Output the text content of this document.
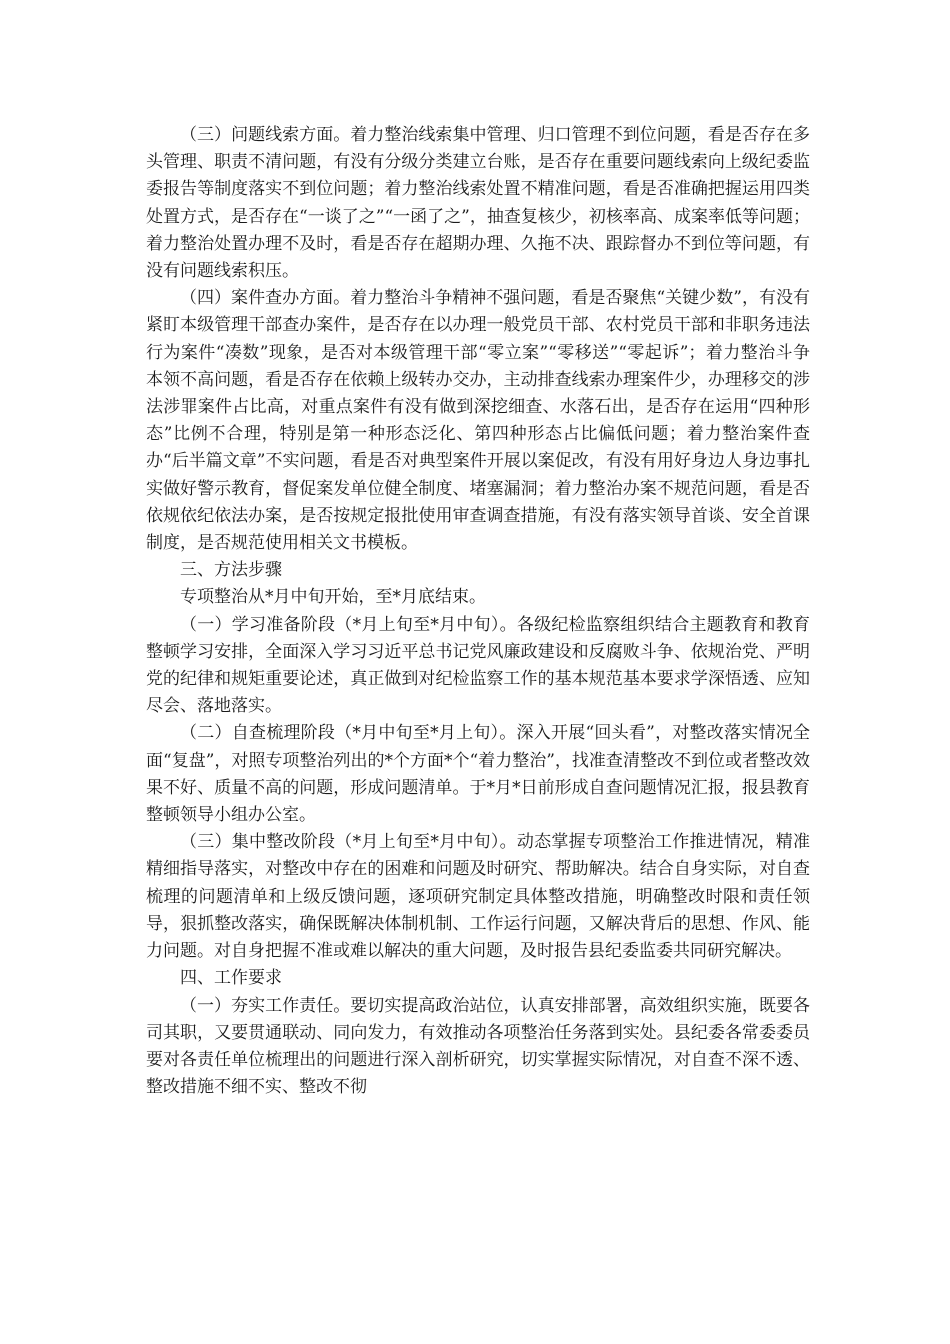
（三）问题线索方面。着力整治线索集中管理、归口管理不到位问题，看是否存在多头管理、职责不清问题，有没有分级分类建立台账，是否存在重要问题线索向上级纪委监委报告等制度落实不到位问题；着力整治线索处置不精准问题，看是否准确把握运用四类处置方式，是否存在“一谈了之”“一函了之”，抽查复核少，初核率高、成案率低等问题；着力整治处置办理不及时，看是否存在超期办理、久拖不决、跟踪督办不到位等问题，有没有问题线索积压。

（四）案件查办方面。着力整治斗争精神不强问题，看是否聚焦“关键少数”，有没有紧盯本级管理干部查办案件，是否存在以办理一般党员干部、农村党员干部和非职务违法行为案件“凑数”现象，是否对本级管理干部“零立案”“零移送”“零起诉”；着力整治斗争本领不高问题，看是否存在依赖上级转办交办，主动排查线索办理案件少，办理移交的涉法涉罪案件占比高，对重点案件有没有做到深挖细查、水落石出，是否存在运用“四种形态”比例不合理，特别是第一种形态泛化、第四种形态占比偏低问题；着力整治案件查办“后半篇文章”不实问题，看是否对典型案件开展以案促改，有没有用好身边人身边事扎实做好警示教育，督促案发单位健全制度、堵塞漏洞；着力整治办案不规范问题，看是否依规依纪依法办案，是否按规定报批使用审查调查措施，有没有落实领导首谈、安全首课制度，是否规范使用相关文书模板。

三、方法步骤

专项整治从*月中旬开始，至*月底结束。

（一）学习准备阶段（*月上旬至*月中旬）。各级纪检监察组织结合主题教育和教育整顿学习安排，全面深入学习习近平总书记党风廉政建设和反腐败斗争、依规治党、严明党的纪律和规矩重要论述，真正做到对纪检监察工作的基本规范基本要求学深悟透、应知尽会、落地落实。

（二）自查梳理阶段（*月中旬至*月上旬）。深入开展“回头看”，对整改落实情况全面“复盘”，对照专项整治列出的*个方面*个“着力整治”，找准查清整改不到位或者整改效果不好、质量不高的问题，形成问题清单。于*月*日前形成自查问题情况汇报，报县教育整顿领导小组办公室。

（三）集中整改阶段（*月上旬至*月中旬）。动态掌握专项整治工作推进情况，精准精细指导落实，对整改中存在的困难和问题及时研究、帮助解决。结合自身实际，对自查梳理的问题清单和上级反馈问题，逐项研究制定具体整改措施，明确整改时限和责任领导，狠抓整改落实，确保既解决体制机制、工作运行问题，又解决背后的思想、作风、能力问题。对自身把握不准或难以解决的重大问题，及时报告县纪委监委共同研究解决。

四、工作要求

（一）夯实工作责任。要切实提高政治站位，认真安排部署，高效组织实施，既要各司其职，又要贯通联动、同向发力，有效推动各项整治任务落到实处。县纪委各常委委员要对各责任单位梳理出的问题进行深入剖析研究，切实掌握实际情况，对自查不深不透、整改措施不细不实、整改不彻
